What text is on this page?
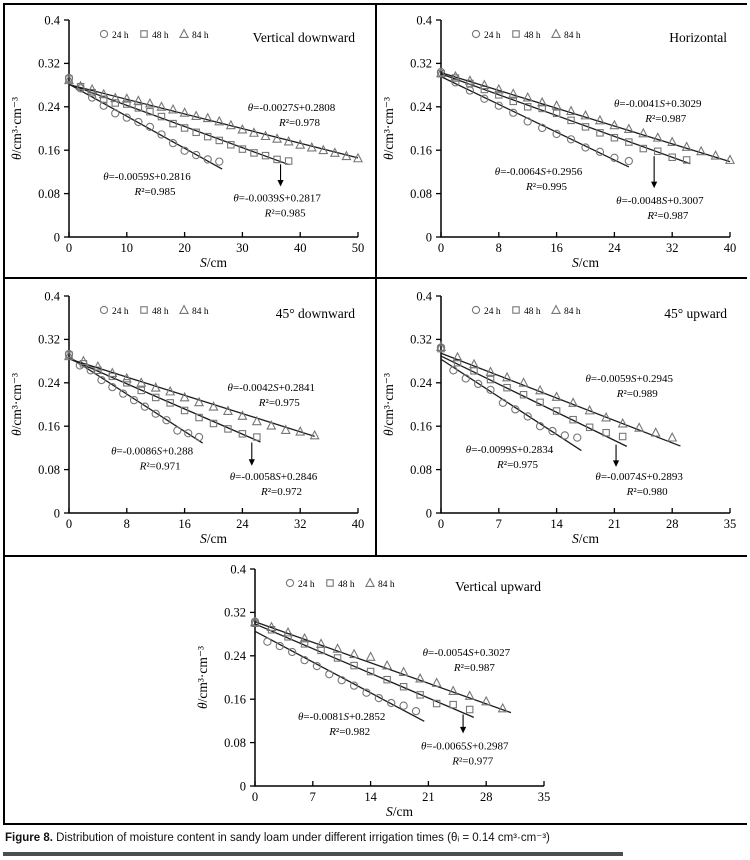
0
0.08
0.16
0.24
0.32
0.4
0	10	20	30	40	50
S/cm
θ/cm³·cm⁻³
Vertical downward
24 h 48 h 84 h
θ=-0.0059S+0.2816
R²=0.985
θ=-0.0039S+0.2817
R²=0.985
θ=-0.0027S+0.2808
R²=0.978
0
0.08
0.16
0.24
0.32
0.4
0	8	16	24	32	40
S/cm
θ/cm³·cm⁻³
Horizontal
24 h 48 h 84 h
θ=-0.0064S+0.2956
R²=0.995
θ=-0.0048S+0.3007
R²=0.987
θ=-0.0041S+0.3029
R²=0.987
0
0.08
0.16
0.24
0.32
0.4
0	8	16	24	32	40
S/cm
θ/cm³·cm⁻³
45° downward
24 h 48 h 84 h
θ=-0.0086S+0.288
R²=0.971
θ=-0.0058S+0.2846
R²=0.972
θ=-0.0042S+0.2841
R²=0.975
0
0.08
0.16
0.24
0.32
0.4
0	7	14	21	28	35
S/cm
θ/cm³·cm⁻³
45° upward
24 h 48 h 84 h
θ=-0.0099S+0.2834
R²=0.975
θ=-0.0074S+0.2893
R²=0.980
θ=-0.0059S+0.2945
R²=0.989
0
0.08
0.16
0.24
0.32
0.4
0	7	14	21	28	35
S/cm
θ/cm³·cm⁻³
Vertical upward
24 h 48 h 84 h
θ=-0.0081S+0.2852
R²=0.982
θ=-0.0065S+0.2987
R²=0.977
θ=-0.0054S+0.3027
R²=0.987
Figure 8. Distribution of moisture content in sandy loam under different irrigation times (θᵢ = 0.14 cm³·cm⁻³)
